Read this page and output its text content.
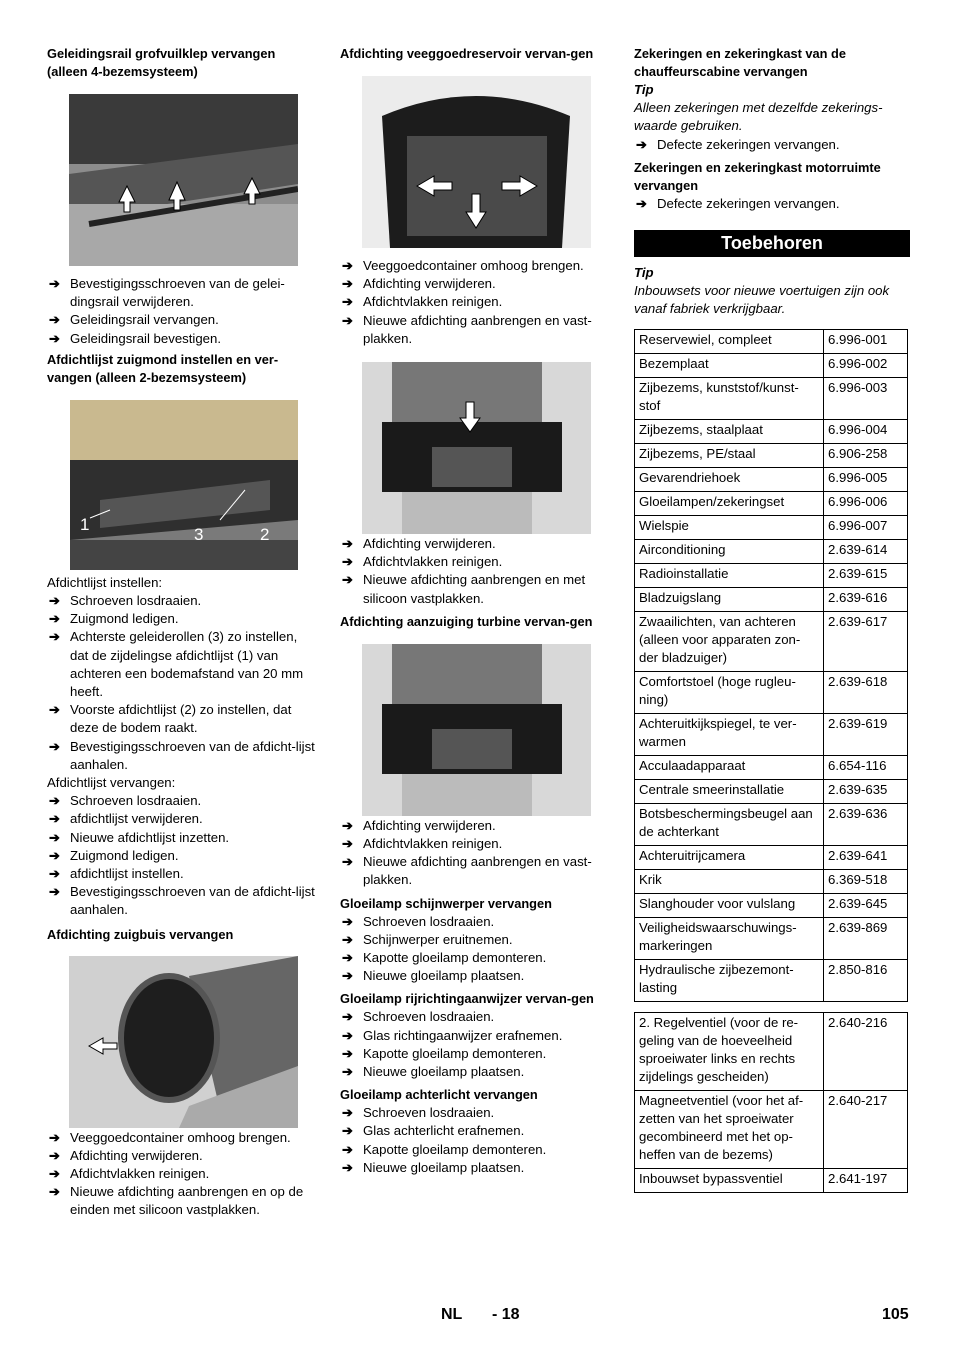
Geleidingsrail grofvuilklep vervangen (alleen 4-bezemsysteem)

➔ Bevestigingsschroeven van de gelei-dingsrail verwijderen.

➔ Geleidingsrail vervangen.

➔ Geleidingsrail bevestigen.

Afdichtlijst zuigmond instellen en ver-vangen (alleen 2-bezemsysteem)
1
3	2

Afdichtlijst instellen:

➔ Schroeven losdraaien.

➔ Zuigmond ledigen.

➔ Achterste geleiderollen (3) zo instellen, dat de zijdelingse afdichtlijst (1) van achteren een bodemafstand van 20 mm heeft.

➔ Voorste afdichtlijst (2) zo instellen, dat deze de bodem raakt.

➔ Bevestigingsschroeven van de afdicht-lijst aanhalen.

Afdichtlijst vervangen:

➔ Schroeven losdraaien.

➔ afdichtlijst verwijderen.

➔ Nieuwe afdichtlijst inzetten.

➔ Zuigmond ledigen.

➔ afdichtlijst instellen.

➔ Bevestigingsschroeven van de afdicht-lijst aanhalen.

Afdichting zuigbuis vervangen

➔ Veeggoedcontainer omhoog brengen.

➔ Afdichting verwijderen.

➔ Afdichtvlakken reinigen.

➔ Nieuwe afdichting aanbrengen en op de einden met silicoon vastplakken.

Afdichting veeggoedreservoir vervan-gen

➔ Veeggoedcontainer omhoog brengen.

➔ Afdichting verwijderen.

➔ Afdichtvlakken reinigen.

➔ Nieuwe afdichting aanbrengen en vast-plakken.

➔ Afdichting verwijderen.

➔ Afdichtvlakken reinigen.

➔ Nieuwe afdichting aanbrengen en met silicoon vastplakken.

Afdichting aanzuiging turbine vervan-gen

➔ Afdichting verwijderen.

➔ Afdichtvlakken reinigen.

➔ Nieuwe afdichting aanbrengen en vast-plakken.

Gloeilamp schijnwerper vervangen

➔ Schroeven losdraaien.

➔ Schijnwerper eruitnemen.

➔ Kapotte gloeilamp demonteren.

➔ Nieuwe gloeilamp plaatsen.

Gloeilamp rijrichtingaanwijzer vervan-gen

➔ Schroeven losdraaien.

➔ Glas richtingaanwijzer erafnemen.

➔ Kapotte gloeilamp demonteren.

➔ Nieuwe gloeilamp plaatsen.

Gloeilamp achterlicht vervangen

➔ Schroeven losdraaien.

➔ Glas achterlicht erafnemen.

➔ Kapotte gloeilamp demonteren.

➔ Nieuwe gloeilamp plaatsen.

Zekeringen en zekeringkast van de chauffeurscabine vervangen

Tip

Alleen zekeringen met dezelfde zekerings-waarde gebruiken.

➔ Defecte zekeringen vervangen.

Zekeringen en zekeringkast motorruimte vervangen

➔ Defecte zekeringen vervangen.

Toebehoren

Tip

Inbouwsets voor nieuwe voertuigen zijn ook vanaf fabriek verkrijgbaar.

Reservewiel, compleet	6.996-001
Bezemplaat	6.996-002
Zijbezems, kunststof/kunst-stof	6.996-003
Zijbezems, staalplaat	6.996-004
Zijbezems, PE/staal	6.906-258
Gevarendriehoek	6.996-005
Gloeilampen/zekeringset	6.996-006
Wielspie	6.996-007
Airconditioning	2.639-614
Radioinstallatie	2.639-615
Bladzuigslang	2.639-616
Zwaailichten, van achteren (alleen voor apparaten zon-der bladzuiger)	2.639-617
Comfortstoel (hoge rugleu-ning)	2.639-618
Achteruitkijkspiegel, te ver-warmen	2.639-619
Acculaadapparaat	6.654-116
Centrale smeerinstallatie	2.639-635
Botsbeschermingsbeugel aan de achterkant	2.639-636
Achteruitrijcamera	2.639-641
Krik	6.369-518
Slanghouder voor vulslang	2.639-645
Veiligheidswaarschuwings-markeringen	2.639-869
Hydraulische zijbezemont-lasting	2.850-816
2. Regelventiel (voor de re-geling van de hoeveelheid sproeiwater links en rechts zijdelings gescheiden)	2.640-216
Magneetventiel (voor het af-zetten van het sproeiwater gecombineerd met het op-heffen van de bezems)	2.640-217
Inbouwset bypassventiel	2.641-197
NL - 18	105
